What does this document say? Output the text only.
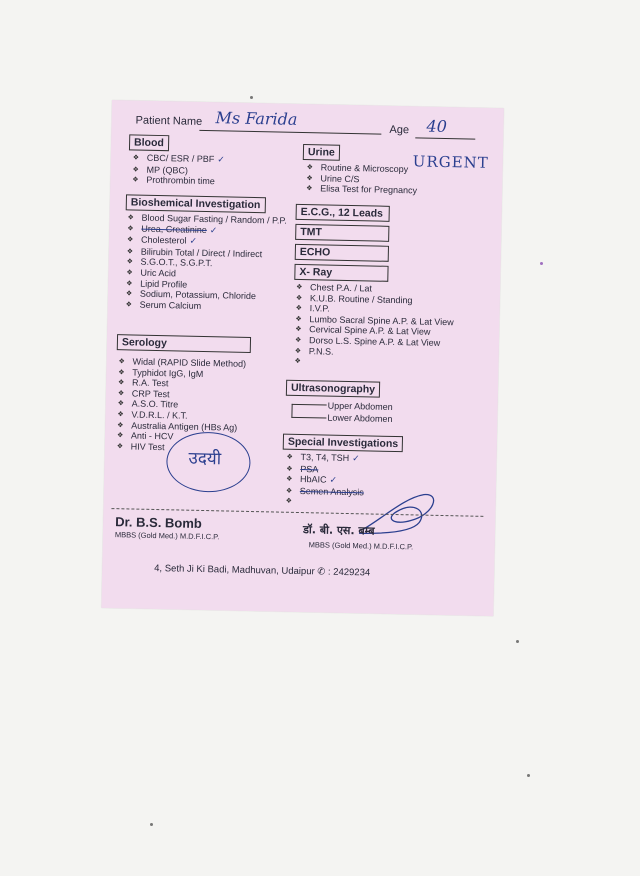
Patient Name Ms Farida
Age 40
Blood
❖ CBC/ ESR / PBF ✓
❖ MP (QBC)
❖ Prothrombin time
Bioshemical Investigation
❖ Blood Sugar Fasting / Random / P.P.
❖ Urea, Creatinine ✓
❖ Cholesterol ✓
❖ Bilirubin Total / Direct / Indirect
❖ S.G.O.T., S.G.P.T.
❖ Uric Acid
❖ Lipid Profile
❖ Sodium, Potassium, Chloride
❖ Serum Calcium
Serology
❖ Widal (RAPID Slide Method)
❖ Typhidot IgG, IgM
❖ R.A. Test
❖ CRP Test
❖ A.S.O. Titre
❖ V.D.R.L. / K.T.
❖ Australia Antigen (HBs Ag)
❖ Anti - HCV
❖ HIV Test
उदयी
Urine
❖ Routine & Microscopy
❖ Urine C/S
❖ Elisa Test for Pregnancy
URGENT
E.C.G., 12 Leads
TMT
ECHO
X- Ray
❖ Chest P.A. / Lat
❖ K.U.B. Routine / Standing
❖ I.V.P.
❖ Lumbo Sacral Spine A.P. & Lat View
❖ Cervical Spine A.P. & Lat View
❖ Dorso L.S. Spine A.P. & Lat View
❖ P.N.S.
❖
Ultrasonography
Upper Abdomen
Lower Abdomen
Special Investigations
❖ T3, T4, TSH ✓
❖ PSA
❖ HbAIC ✓
❖ Semen Analysis
❖
Dr. B.S. Bomb
MBBS (Gold Med.) M.D.F.I.C.P.	डॉ. बी. एस. बम्ब
MBBS (Gold Med.) M.D.F.I.C.P.
4, Seth Ji Ki Badi, Madhuvan, Udaipur ✆ : 2429234
